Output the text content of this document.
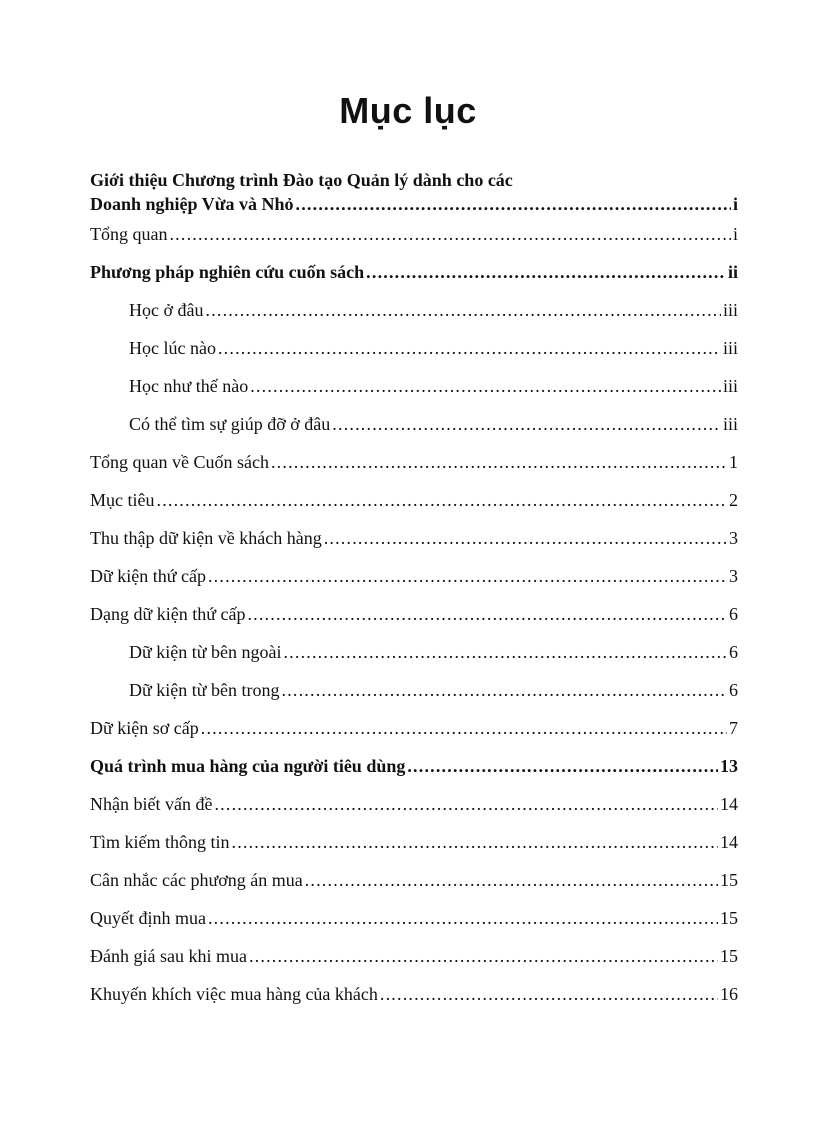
Mục lục
Giới thiệu Chương trình Đào tạo Quản lý dành cho các
Doanh nghiệp Vừa và Nhỏ .....	i
Tổng quan .....	i
Phương pháp nghiên cứu cuốn sách .....	ii
Học ở đâu .....	iii
Học lúc nào .....	iii
Học như thế nào .....	iii
Có thể tìm sự giúp đỡ ở đâu .....	iii
Tổng quan về Cuốn sách .....	1
Mục tiêu .....	2
Thu thập dữ kiện về khách hàng .....	3
Dữ kiện thứ cấp .....	3
Dạng dữ kiện thứ cấp .....	6
Dữ kiện từ bên ngoài .....	6
Dữ kiện từ bên trong .....	6
Dữ kiện sơ cấp .....	7
Quá trình mua hàng của người tiêu dùng .....	13
Nhận biết vấn đề .....	14
Tìm kiếm thông tin .....	14
Cân nhắc các phương án mua .....	15
Quyết định mua .....	15
Đánh giá sau khi mua .....	15
Khuyến khích việc mua hàng của khách .....	16
